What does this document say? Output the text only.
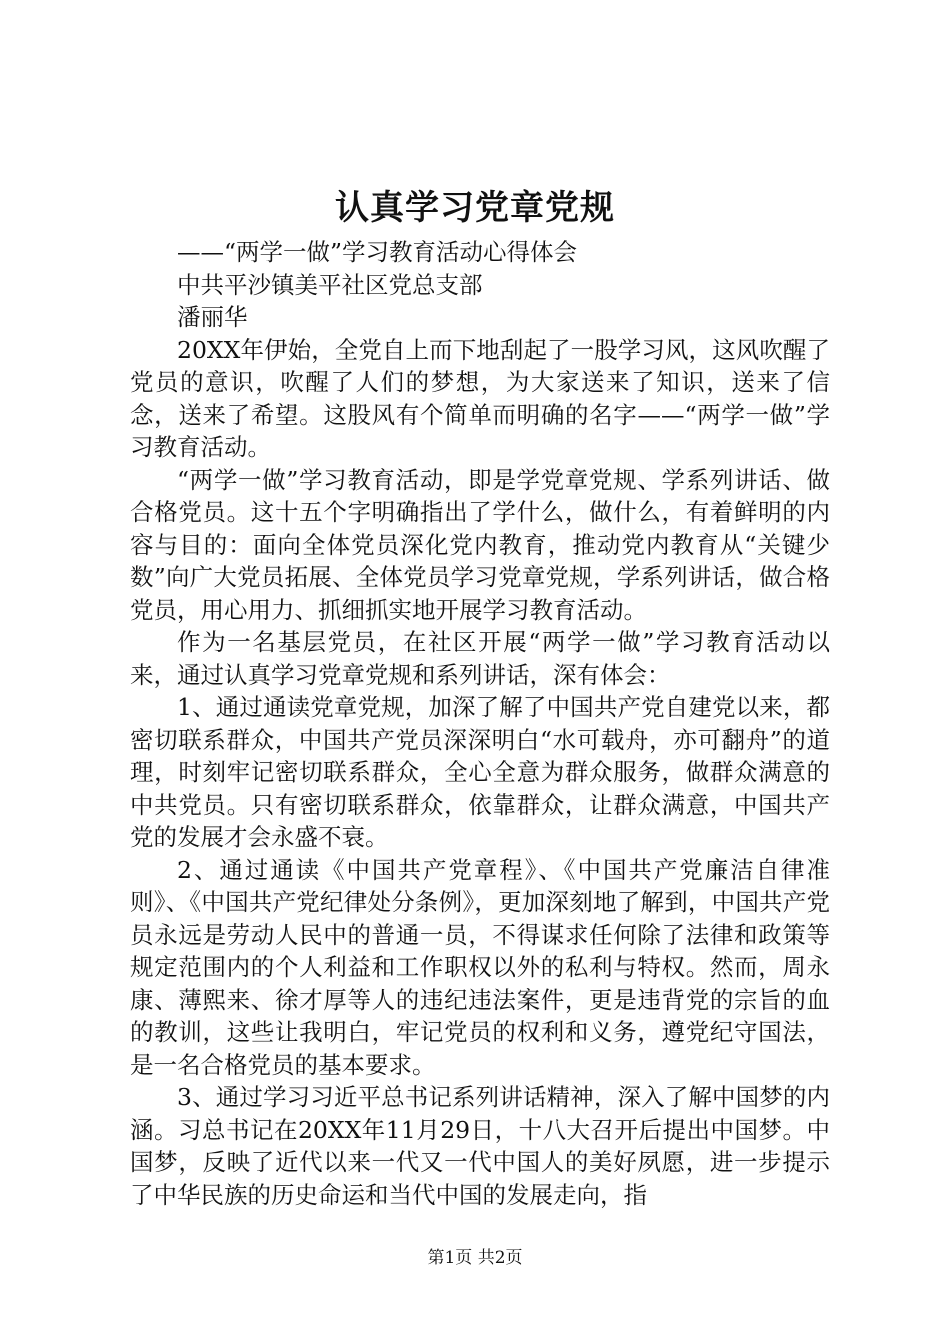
认真学习党章党规
——“两学一做”学习教育活动心得体会
中共平沙镇美平社区党总支部
潘丽华

20XX年伊始，全党自上而下地刮起了一股学习风，这风吹醒了党员的意识，吹醒了人们的梦想，为大家送来了知识，送来了信念，送来了希望。这股风有个简单而明确的名字——“两学一做”学习教育活动。

“两学一做”学习教育活动，即是学党章党规、学系列讲话、做合格党员。这十五个字明确指出了学什么，做什么，有着鲜明的内容与目的：面向全体党员深化党内教育，推动党内教育从“关键少数”向广大党员拓展、全体党员学习党章党规，学系列讲话，做合格党员，用心用力、抓细抓实地开展学习教育活动。

作为一名基层党员，在社区开展“两学一做”学习教育活动以来，通过认真学习党章党规和系列讲话，深有体会：

1、通过通读党章党规，加深了解了中国共产党自建党以来，都密切联系群众，中国共产党员深深明白“水可载舟，亦可翻舟”的道理，时刻牢记密切联系群众，全心全意为群众服务，做群众满意的中共党员。只有密切联系群众，依靠群众，让群众满意，中国共产党的发展才会永盛不衰。

2、通过通读《中国共产党章程》、《中国共产党廉洁自律准则》、《中国共产党纪律处分条例》，更加深刻地了解到，中国共产党员永远是劳动人民中的普通一员，不得谋求任何除了法律和政策等规定范围内的个人利益和工作职权以外的私利与特权。然而，周永康、薄熙来、徐才厚等人的违纪违法案件，更是违背党的宗旨的血的教训，这些让我明白，牢记党员的权利和义务，遵党纪守国法，是一名合格党员的基本要求。

3、通过学习习近平总书记系列讲话精神，深入了解中国梦的内涵。习总书记在20XX年11月29日，十八大召开后提出中国梦。中国梦，反映了近代以来一代又一代中国人的美好夙愿，进一步提示了中华民族的历史命运和当代中国的发展走向，指

第1页 共2页
